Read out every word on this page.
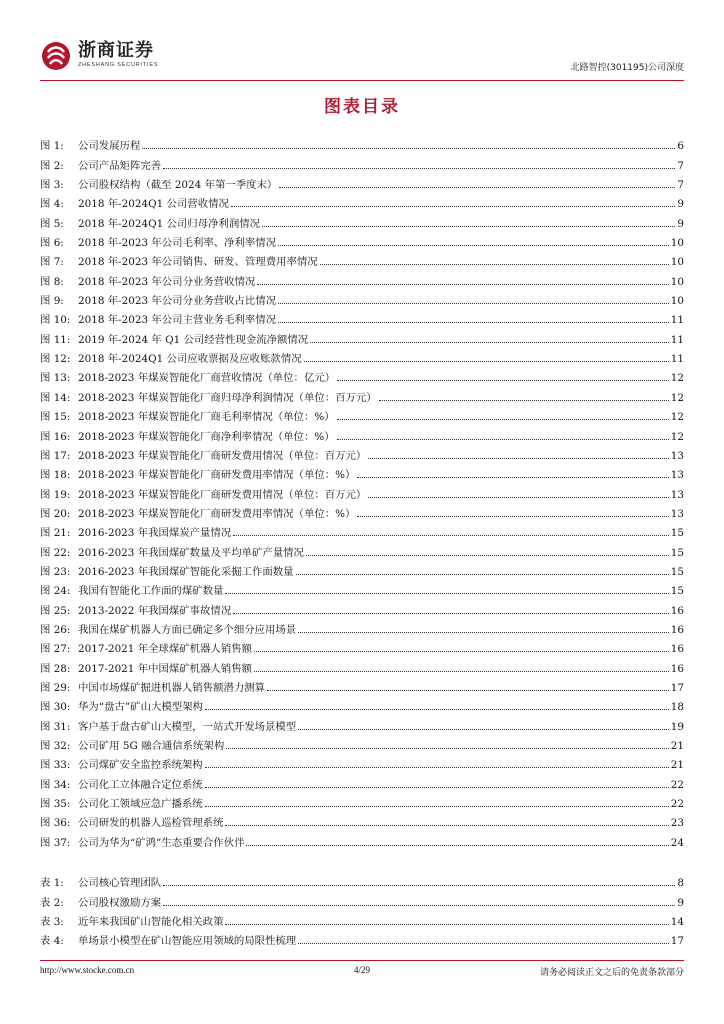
浙商证券
ZHESHANG SECURITIES	北路智控(301195)公司深度
图表目录
图 1:	公司发展历程	6
图 2:	公司产品矩阵完善	7
图 3:	公司股权结构（截至 2024 年第一季度末）	7
图 4:	2018 年-2024Q1 公司营收情况	9
图 5:	2018 年-2024Q1 公司归母净利润情况	9
图 6:	2018 年-2023 年公司毛利率、净利率情况	10
图 7:	2018 年-2023 年公司销售、研发、管理费用率情况	10
图 8:	2018 年-2023 年公司分业务营收情况	10
图 9:	2018 年-2023 年公司分业务营收占比情况	10
图 10: 2018 年-2023 年公司主营业务毛利率情况	11
图 11: 2019 年-2024 年 Q1 公司经营性现金流净额情况	11
图 12: 2018 年-2024Q1 公司应收票据及应收账款情况	11
图 13: 2018-2023 年煤炭智能化厂商营收情况（单位：亿元）	12
图 14: 2018-2023 年煤炭智能化厂商归母净利润情况（单位：百万元）	12
图 15: 2018-2023 年煤炭智能化厂商毛利率情况（单位：%）	12
图 16: 2018-2023 年煤炭智能化厂商净利率情况（单位：%）	12
图 17: 2018-2023 年煤炭智能化厂商研发费用情况（单位：百万元）	13
图 18: 2018-2023 年煤炭智能化厂商研发费用率情况（单位：%）	13
图 19: 2018-2023 年煤炭智能化厂商研发费用情况（单位：百万元）	13
图 20: 2018-2023 年煤炭智能化厂商研发费用率情况（单位：%）	13
图 21: 2016-2023 年我国煤炭产量情况	15
图 22: 2016-2023 年我国煤矿数量及平均单矿产量情况	15
图 23: 2016-2023 年我国煤矿智能化采掘工作面数量	15
图 24: 我国有智能化工作面的煤矿数量	15
图 25: 2013-2022 年我国煤矿事故情况	16
图 26: 我国在煤矿机器人方面已确定多个细分应用场景	16
图 27: 2017-2021 年全球煤矿机器人销售额	16
图 28: 2017-2021 年中国煤矿机器人销售额	16
图 29: 中国市场煤矿掘进机器人销售额潜力测算	17
图 30: 华为“盘古”矿山大模型架构	18
图 31: 客户基于盘古矿山大模型，一站式开发场景模型	19
图 32: 公司矿用 5G 融合通信系统架构	21
图 33: 公司煤矿安全监控系统架构	21
图 34: 公司化工立体融合定位系统	22
图 35: 公司化工领域应急广播系统	22
图 36: 公司研发的机器人巡检管理系统	23
图 37: 公司为华为“矿鸿”生态重要合作伙伴	24
表 1:	公司核心管理团队	8
表 2:	公司股权激励方案	9
表 3:	近年来我国矿山智能化相关政策	14
表 4:	单场景小模型在矿山智能应用领域的局限性梳理	17
http://www.stocke.com.cn	4/29	请务必阅读正文之后的免责条款部分
